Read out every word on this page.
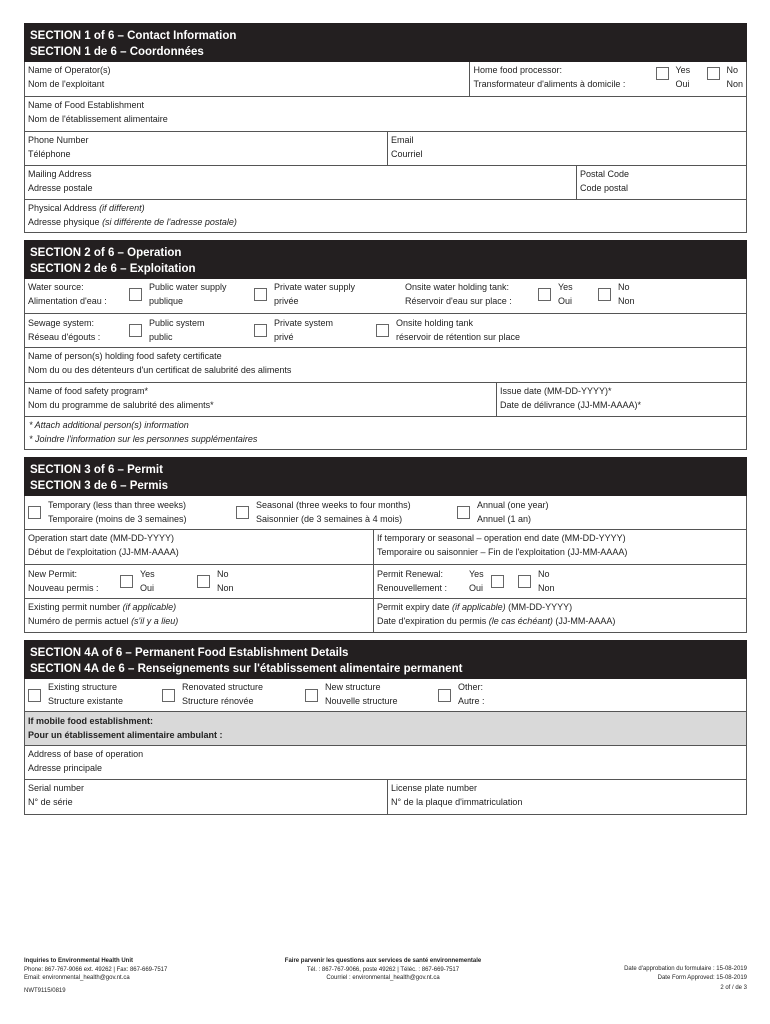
SECTION 1 of 6 – Contact Information
SECTION 1 de 6 – Coordonnées
Name of Operator(s)
Nom de l'exploitant
Home food processor:
Transformateur d'aliments à domicile :
Yes
Oui
No
Non
Name of Food Establishment
Nom de l'établissement alimentaire
Phone Number
Téléphone
Email
Courriel
Mailing Address
Adresse postale
Postal Code
Code postal
Physical Address (if different)
Adresse physique (si différente de l'adresse postale)
SECTION 2 of 6 – Operation
SECTION 2 de 6 – Exploitation
Water source:
Alimentation d'eau :
Public water supply
publique
Private water supply
privée
Onsite water holding tank:
Réservoir d'eau sur place :
Yes
Oui
No
Non
Sewage system:
Réseau d'égouts :
Public system
public
Private system
privé
Onsite holding tank
réservoir de rétention sur place
Name of person(s) holding food safety certificate
Nom du ou des détenteurs d'un certificat de salubrité des aliments
Name of food safety program*
Nom du programme de salubrité des aliments*
Issue date (MM-DD-YYYY)*
Date de délivrance (JJ-MM-AAAA)*
* Attach additional person(s) information
* Joindre l'information sur les personnes supplémentaires
SECTION 3 of 6 – Permit
SECTION 3 de 6 – Permis
Temporary (less than three weeks)
Temporaire (moins de 3 semaines)
Seasonal (three weeks to four months)
Saisonnier (de 3 semaines à 4 mois)
Annual (one year)
Annuel (1 an)
Operation start date (MM-DD-YYYY)
Début de l'exploitation (JJ-MM-AAAA)
If temporary or seasonal – operation end date (MM-DD-YYYY)
Temporaire ou saisonnier – Fin de l'exploitation (JJ-MM-AAAA)
New Permit:
Nouveau permis :
Yes
Oui
No
Non
Permit Renewal:
Renouvellement :
Yes
Oui
No
Non
Existing permit number (if applicable)
Numéro de permis actuel (s'il y a lieu)
Permit expiry date (if applicable) (MM-DD-YYYY)
Date d'expiration du permis (le cas échéant) (JJ-MM-AAAA)
SECTION 4A of 6 – Permanent Food Establishment Details
SECTION 4A de 6 – Renseignements sur l'établissement alimentaire permanent
Existing structure
Structure existante
Renovated structure
Structure rénovée
New structure
Nouvelle structure
Other:
Autre :
If mobile food establishment:
Pour un établissement alimentaire ambulant :
Address of base of operation
Adresse principale
Serial number
N° de série
License plate number
N° de la plaque d'immatriculation
Inquiries to Environmental Health Unit
Phone: 867-767-9066 ext. 49262 | Fax: 867-669-7517
Email: environmental_health@gov.nt.ca
NWT9115/0819
Faire parvenir les questions aux services de santé environnementale
Tél. : 867-767-9066, poste 49262 | Téléc. : 867-669-7517
Courriel : environmental_health@gov.nt.ca
Date d'approbation du formulaire : 15-08-2019
Date Form Approved: 15-08-2019
2 of / de 3
